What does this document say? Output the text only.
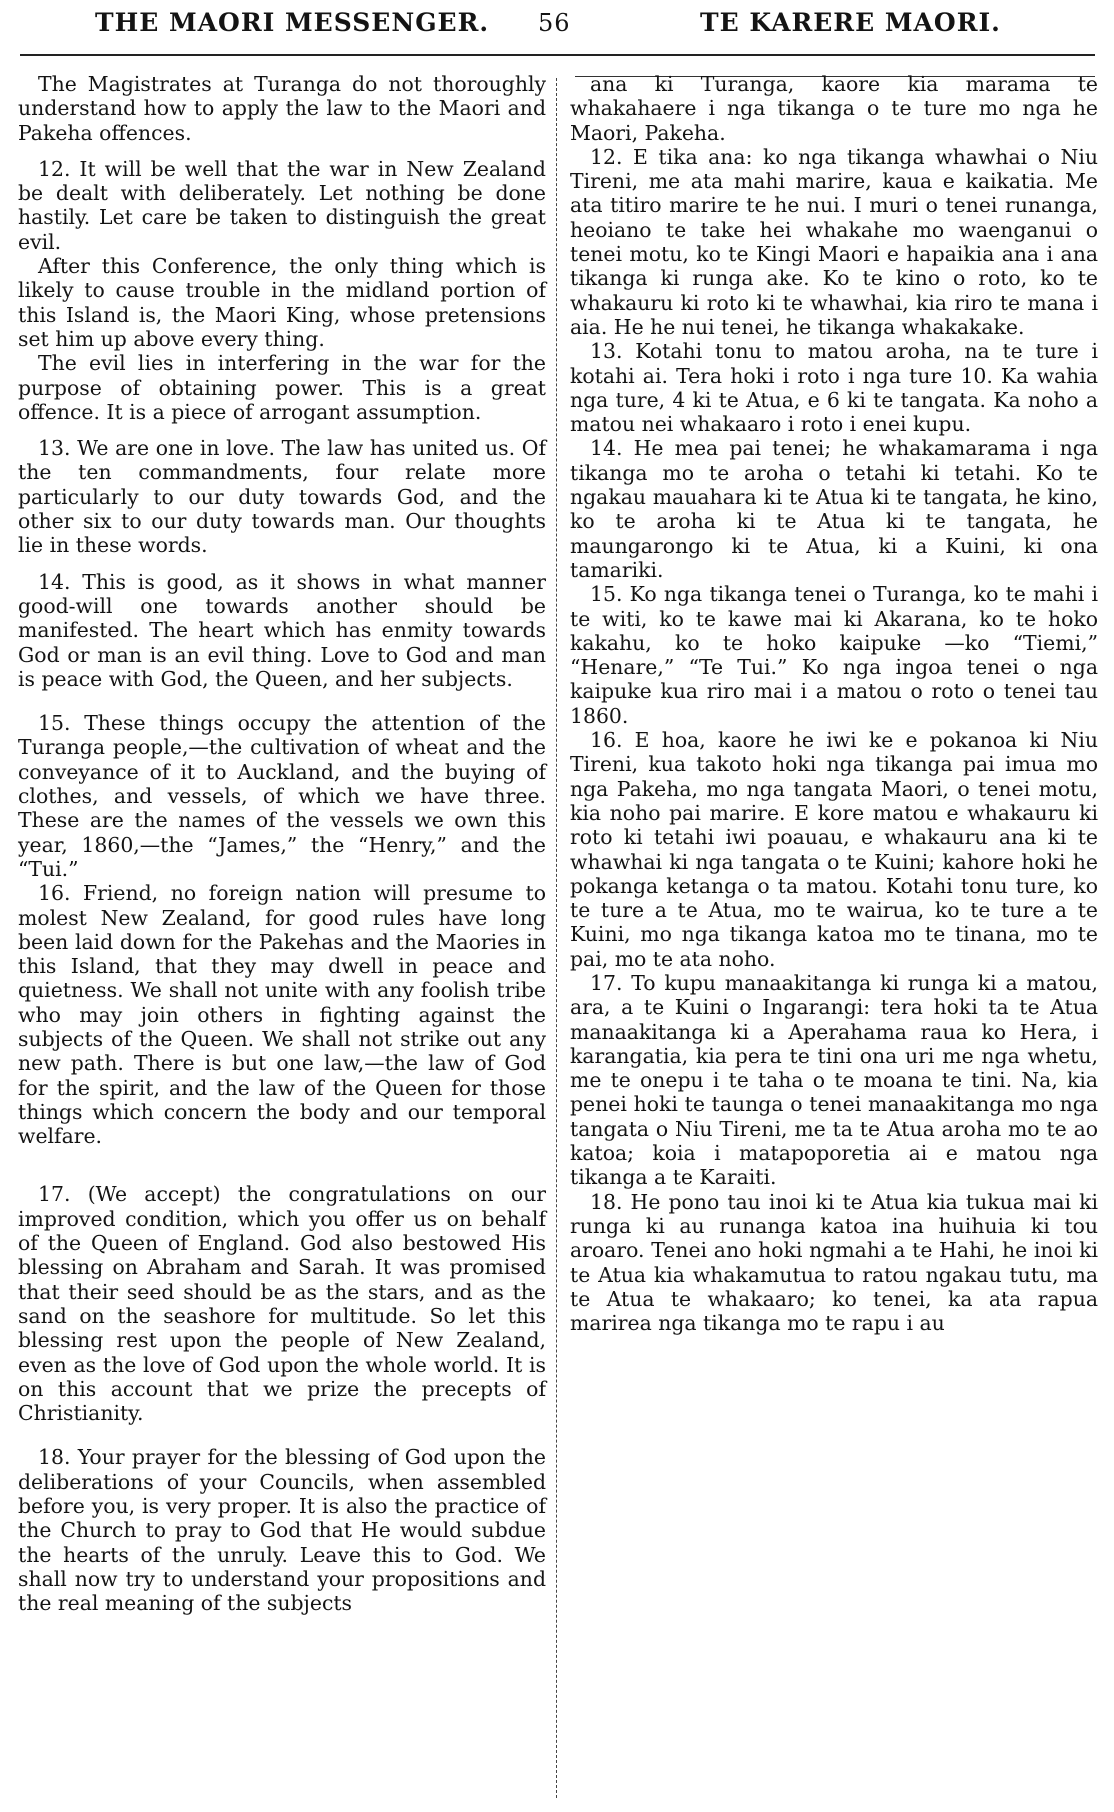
THE MAORI MESSENGER. 56	TE KARERE MAORI.

The Magistrates at Turanga do not thoroughly understand how to apply the law to the Maori and Pakeha offences.

12. It will be well that the war in New Zealand be dealt with deliberately. Let nothing be done hastily. Let care be taken to distinguish the great evil.

After this Conference, the only thing which is likely to cause trouble in the midland portion of this Island is, the Maori King, whose pretensions set him up above every thing.

The evil lies in interfering in the war for the purpose of obtaining power. This is a great offence. It is a piece of arrogant assumption.

13. We are one in love. The law has united us. Of the ten commandments, four relate more particularly to our duty towards God, and the other six to our duty towards man. Our thoughts lie in these words.

14. This is good, as it shows in what manner good-will one towards another should be manifested. The heart which has enmity towards God or man is an evil thing. Love to God and man is peace with God, the Queen, and her subjects.

15. These things occupy the attention of the Turanga people,—the cultivation of wheat and the conveyance of it to Auckland, and the buying of clothes, and vessels, of which we have three. These are the names of the vessels we own this year, 1860,—the “James,” the “Henry,” and the “Tui.”

16. Friend, no foreign nation will presume to molest New Zealand, for good rules have long been laid down for the Pakehas and the Maories in this Island, that they may dwell in peace and quietness. We shall not unite with any foolish tribe who may join others in fighting against the subjects of the Queen. We shall not strike out any new path. There is but one law,—the law of God for the spirit, and the law of the Queen for those things which concern the body and our temporal welfare.

17. (We accept) the congratulations on our improved condition, which you offer us on behalf of the Queen of England. God also bestowed His blessing on Abraham and Sarah. It was promised that their seed should be as the stars, and as the sand on the seashore for multitude. So let this blessing rest upon the people of New Zealand, even as the love of God upon the whole world. It is on this account that we prize the precepts of Christianity.

18. Your prayer for the blessing of God upon the deliberations of your Councils, when assembled before you, is very proper. It is also the practice of the Church to pray to God that He would subdue the hearts of the unruly. Leave this to God. We shall now try to understand your propositions and the real meaning of the subjects

ana ki Turanga, kaore kia marama te whakahaere i nga tikanga o te ture mo nga he Maori, Pakeha.

12. E tika ana: ko nga tikanga whawhai o Niu Tireni, me ata mahi marire, kaua e kaikatia. Me ata titiro marire te he nui. I muri o tenei runanga, heoiano te take hei whakahe mo waenganui o tenei motu, ko te Kingi Maori e hapaikia ana i ana tikanga ki runga ake. Ko te kino o roto, ko te whakauru ki roto ki te whawhai, kia riro te mana i aia. He he nui tenei, he tikanga whakakake.

13. Kotahi tonu to matou aroha, na te ture i kotahi ai. Tera hoki i roto i nga ture 10. Ka wahia nga ture, 4 ki te Atua, e 6 ki te tangata. Ka noho a matou nei whakaaro i roto i enei kupu.

14. He mea pai tenei; he whakamarama i nga tikanga mo te aroha o tetahi ki tetahi. Ko te ngakau mauahara ki te Atua ki te tangata, he kino, ko te aroha ki te Atua ki te tangata, he maungarongo ki te Atua, ki a Kuini, ki ona tamariki.

15. Ko nga tikanga tenei o Turanga, ko te mahi i te witi, ko te kawe mai ki Akarana, ko te hoko kakahu, ko te hoko kaipuke —ko “Tiemi,” “Henare,” “Te Tui.” Ko nga ingoa tenei o nga kaipuke kua riro mai i a matou o roto o tenei tau 1860.

16. E hoa, kaore he iwi ke e pokanoa ki Niu Tireni, kua takoto hoki nga tikanga pai imua mo nga Pakeha, mo nga tangata Maori, o tenei motu, kia noho pai marire. E kore matou e whakauru ki roto ki tetahi iwi poauau, e whakauru ana ki te whawhai ki nga tangata o te Kuini; kahore hoki he pokanga ketanga o ta matou. Kotahi tonu ture, ko te ture a te Atua, mo te wairua, ko te ture a te Kuini, mo nga tikanga katoa mo te tinana, mo te pai, mo te ata noho.

17. To kupu manaakitanga ki runga ki a matou, ara, a te Kuini o Ingarangi: tera hoki ta te Atua manaakitanga ki a Aperahama raua ko Hera, i karangatia, kia pera te tini ona uri me nga whetu, me te onepu i te taha o te moana te tini. Na, kia penei hoki te taunga o tenei manaakitanga mo nga tangata o Niu Tireni, me ta te Atua aroha mo te ao katoa; koia i matapoporetia ai e matou nga tikanga a te Karaiti.

18. He pono tau inoi ki te Atua kia tukua mai ki runga ki au runanga katoa ina huihuia ki tou aroaro. Tenei ano hoki ngmahi a te Hahi, he inoi ki te Atua kia whakamutua to ratou ngakau tutu, ma te Atua te whakaaro; ko tenei, ka ata rapua marirea nga tikanga mo te rapu i au
